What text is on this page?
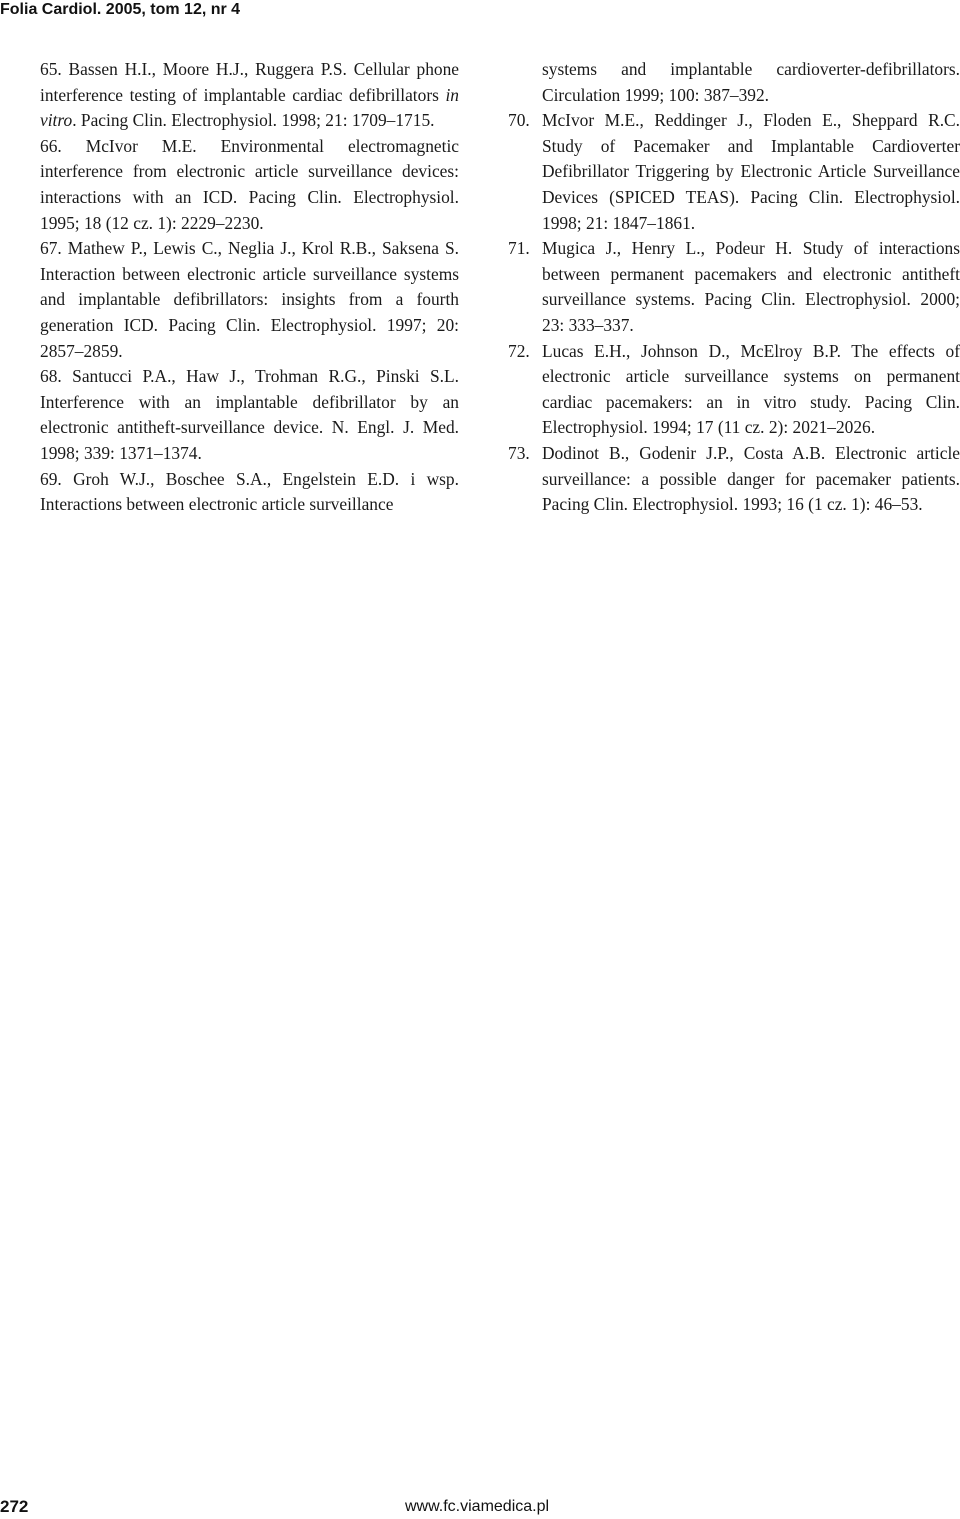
Folia Cardiol. 2005, tom 12, nr 4

65. Bassen H.I., Moore H.J., Ruggera P.S. Cellular phone interference testing of implantable cardiac defibrillators in vitro. Pacing Clin. Electrophysiol. 1998; 21: 1709–1715.

66. McIvor M.E. Environmental electromagnetic interference from electronic article surveillance devices: interactions with an ICD. Pacing Clin. Electrophysiol. 1995; 18 (12 cz. 1): 2229–2230.

67. Mathew P., Lewis C., Neglia J., Krol R.B., Saksena S. Interaction between electronic article surveillance systems and implantable defibrillators: insights from a fourth generation ICD. Pacing Clin. Electrophysiol. 1997; 20: 2857–2859.

68. Santucci P.A., Haw J., Trohman R.G., Pinski S.L. Interference with an implantable defibrillator by an electronic antitheft-surveillance device. N. Engl. J. Med. 1998; 339: 1371–1374.

69. Groh W.J., Boschee S.A., Engelstein E.D. i wsp. Interactions between electronic article surveillance

systems and implantable cardioverter-defibrillators. Circulation 1999; 100: 387–392.

70. McIvor M.E., Reddinger J., Floden E., Sheppard R.C. Study of Pacemaker and Implantable Cardioverter Defibrillator Triggering by Electronic Article Surveillance Devices (SPICED TEAS). Pacing Clin. Electrophysiol. 1998; 21: 1847–1861.

71. Mugica J., Henry L., Podeur H. Study of interactions between permanent pacemakers and electronic antitheft surveillance systems. Pacing Clin. Electrophysiol. 2000; 23: 333–337.

72. Lucas E.H., Johnson D., McElroy B.P. The effects of electronic article surveillance systems on permanent cardiac pacemakers: an in vitro study. Pacing Clin. Electrophysiol. 1994; 17 (11 cz. 2): 2021–2026.

73. Dodinot B., Godenir J.P., Costa A.B. Electronic article surveillance: a possible danger for pacemaker patients. Pacing Clin. Electrophysiol. 1993; 16 (1 cz. 1): 46–53.

272	www.fc.viamedica.pl
